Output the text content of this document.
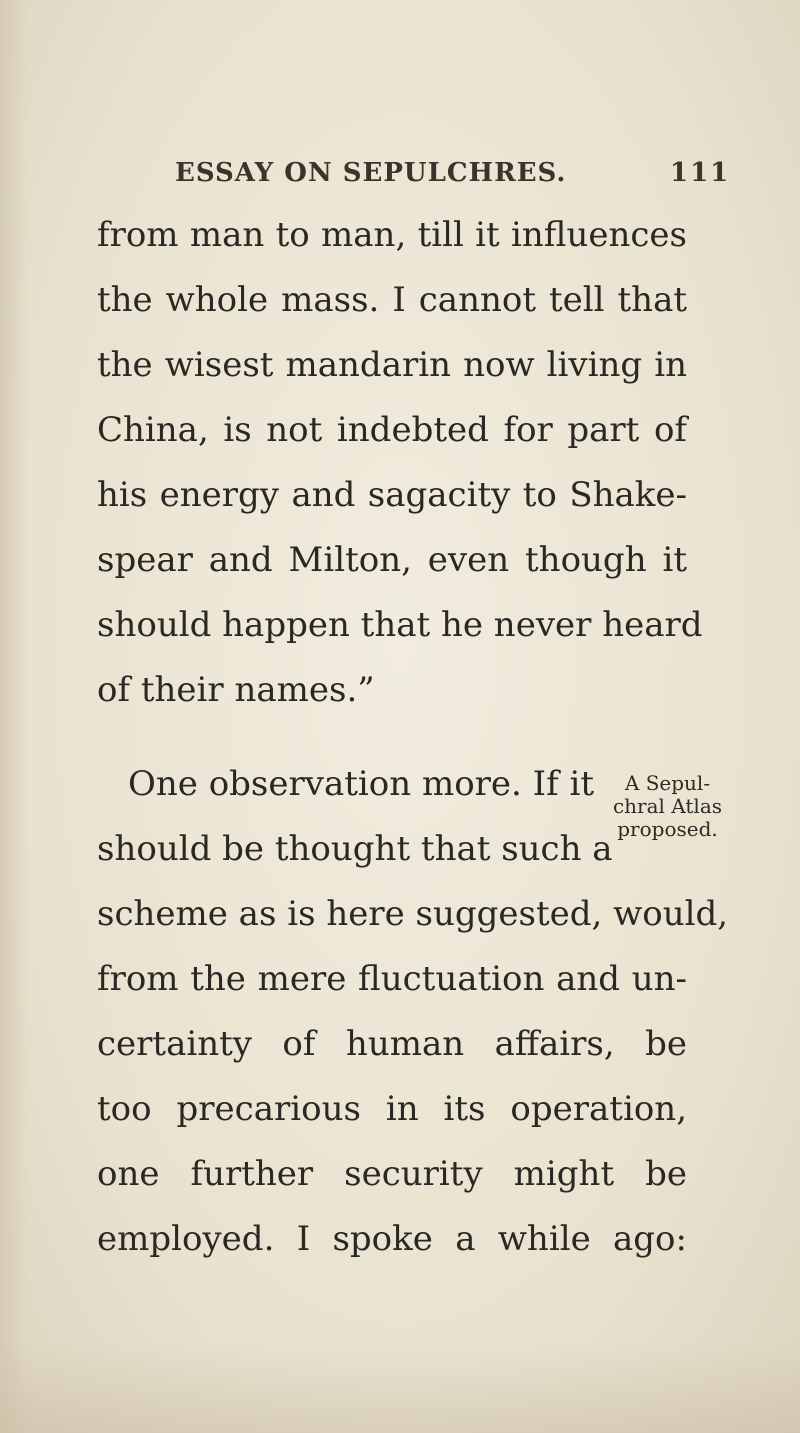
ESSAY ON SEPULCHRES.	111
from man to man, till it influences
the whole mass. I cannot tell that
the wisest mandarin now living in
China, is not indebted for part of
his energy and sagacity to Shake-
spear and Milton, even though it
should happen that he never heard
of their names.”
One observation more. If it
should be thought that such a
scheme as is here suggested, would,
from the mere fluctuation and un-
certainty of human affairs, be
too precarious in its operation,
one further security might be
employed. I spoke a while ago:
A Sepul-
chral Atlas
proposed.
